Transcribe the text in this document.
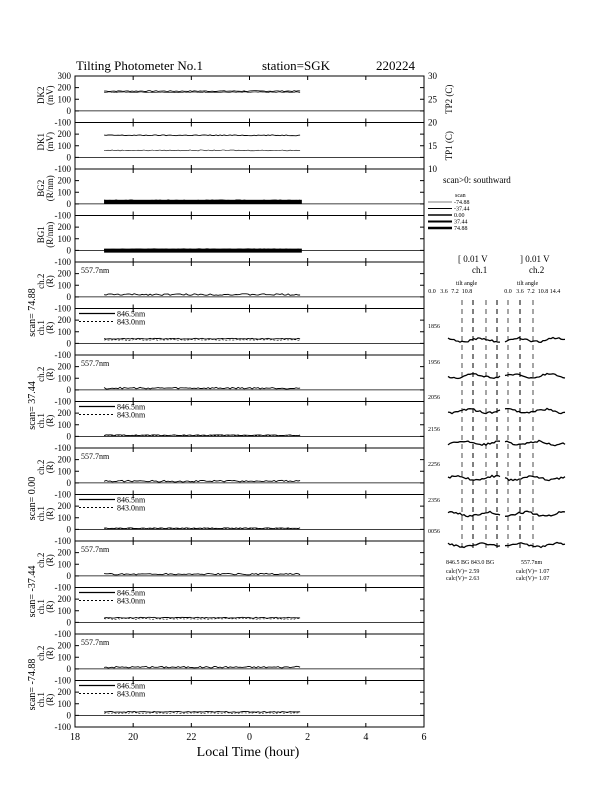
Tilting Photometer No.1	station=SGK	220224
300
200
100
0
-100
DK2 (mV)
200
100
0
-100
DK1 (mV)
200
100
0
-100
BG2 (R/nm)
200
100
0
-100
BG1 (R/nm)
200
100
0
-100
ch.2 (R)
scan= 74.88
557.7nm
200
100
0
-100
ch.1 (R)
846.5nm
843.0nm
200
100
0
-100
ch.2 (R)
scan= 37.44
557.7nm
200
100
0
-100
ch.1 (R)
846.5nm
843.0nm
200
100
0
-100
ch.2 (R)
scan= 0.00
557.7nm
200
100
0
-100
ch.1 (R)
846.5nm
843.0nm
200
100
0
-100
ch.2 (R)
scan= -37.44
557.7nm
200
100
0
-100
ch.1 (R)
846.5nm
843.0nm
200
100
0
-100
ch.2 (R)
scan= -74.88
557.7nm
200
100
0
-100
ch.1 (R)
846.5nm
843.0nm
18	20	22	0	2	4	6
30
25
20
15
10
TP2 (C)
TP1 (C)
scan>0: southward
scan
-74.88
-37.44
0.00
37.44
74.88
[ 0.01 V
ch.1
] 0.01 V
ch.2
tilt angle	tilt angle
0.0 3.6 7.2 10.8	0.0 3.6 7.2 10.8 14.4
1856
1956
2056
2156
2256
2356
0056
846.5 BG 843.0 BG	557.7nm
calc(V)= 2.59
calc(V)= 2.63
calc(V)= 1.07
calc(V)= 1.07
Local Time (hour)
